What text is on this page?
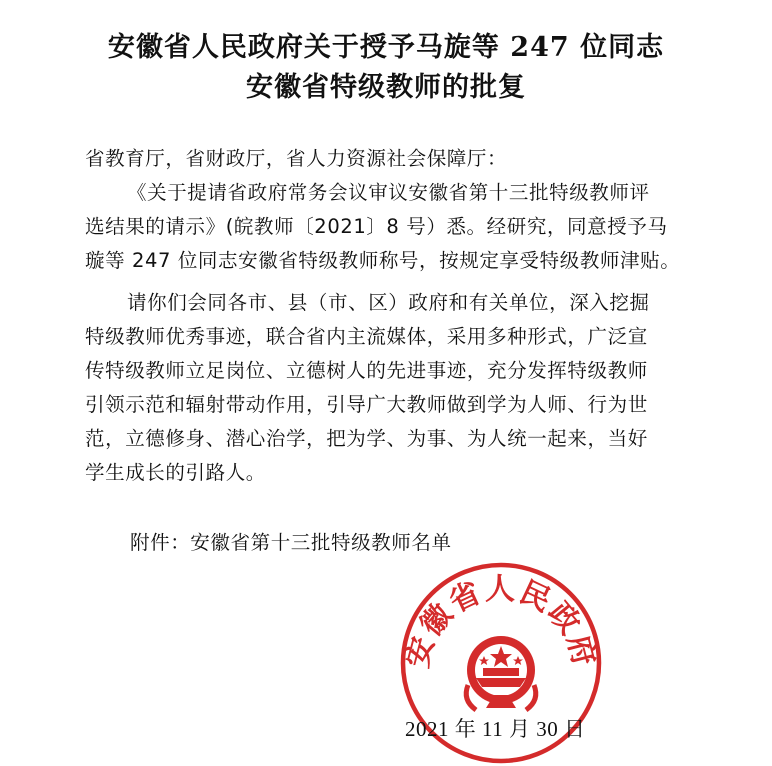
安徽省人民政府关于授予马旋等 247 位同志
安徽省特级教师的批复
省教育厅，省财政厅，省人力资源社会保障厅：
《关于提请省政府常务会议审议安徽省第十三批特级教师评
选结果的请示》(皖教师〔2021〕8 号）悉。经研究，同意授予马
璇等 247 位同志安徽省特级教师称号，按规定享受特级教师津贴。
请你们会同各市、县（市、区）政府和有关单位，深入挖掘
特级教师优秀事迹，联合省内主流媒体，采用多种形式，广泛宣
传特级教师立足岗位、立德树人的先进事迹，充分发挥特级教师
引领示范和辐射带动作用，引导广大教师做到学为人师、行为世
范，立德修身、潜心治学，把为学、为事、为人统一起来，当好
学生成长的引路人。
附件：安徽省第十三批特级教师名单
安徽省人民政府
2021 年 11 月 30 日
